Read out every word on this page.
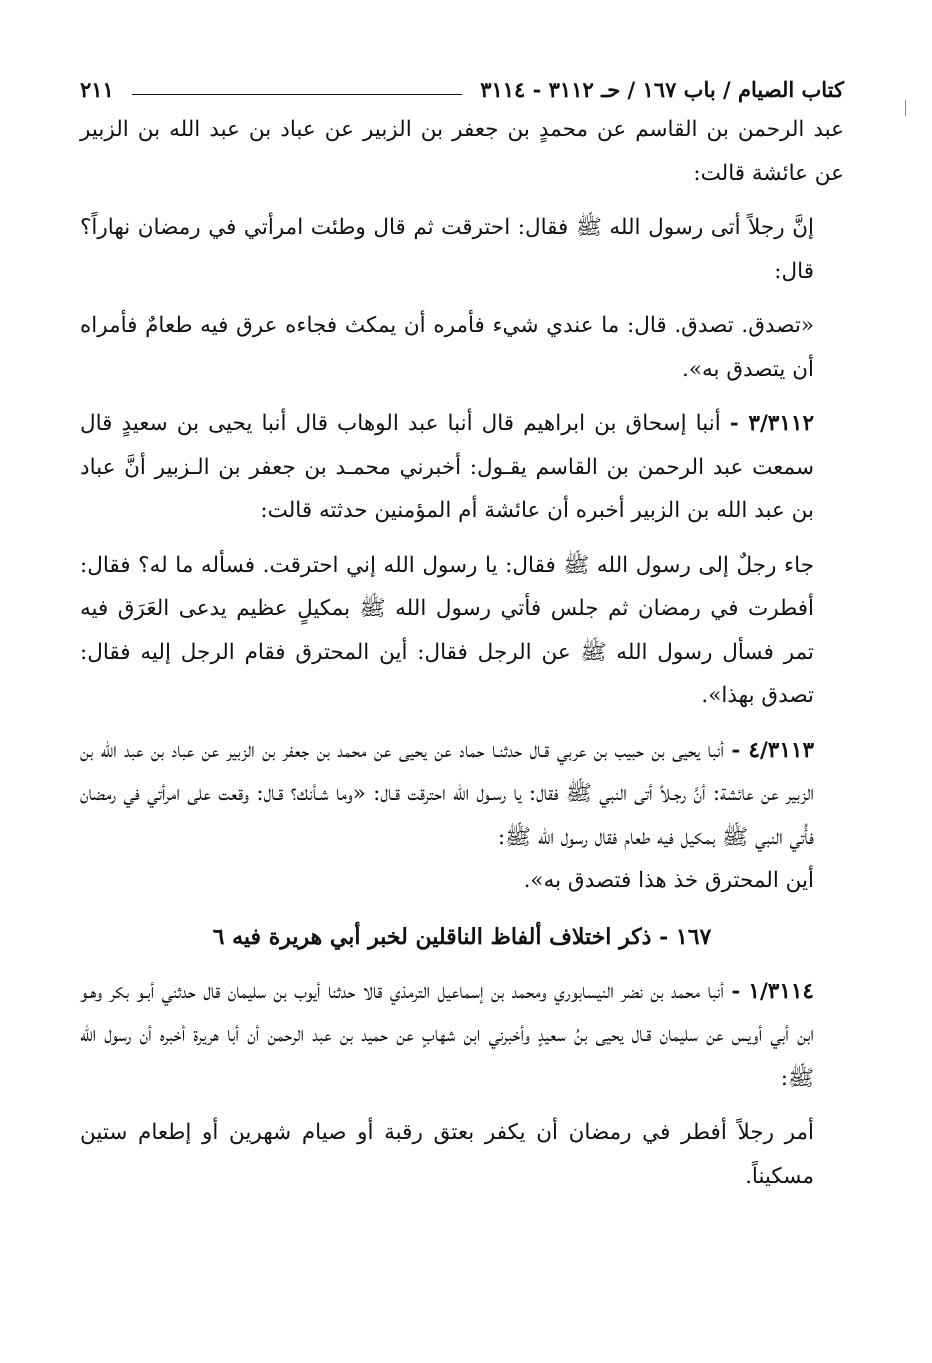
كتاب الصيام / باب ١٦٧ / حـ ٣١١٢ - ٣١١٤
٢١١

عبد الرحمن بن القاسم عن محمدٍ بن جعفر بن الزبير عن عباد بن عبد الله بن الزبير عن عائشة قالت:

إنَّ رجلاً أتى رسول الله ﷺ فقال: احترقت ثم قال وطئت امرأتي في رمضان نهاراً؟ قال:

«تصدق. تصدق. قال: ما عندي شيء فأمره أن يمكث فجاءه عرق فيه طعامٌ فأمراه أن يتصدق به».

٣/٣١١٢ - أنبا إسحاق بن ابراهيم قال أنبا عبد الوهاب قال أنبا يحيى بن سعيدٍ قال سمعت عبد الرحمن بن القاسم يقـول: أخبرني محمـد بن جعفر بن الـزبير أنَّ عباد بن عبد الله بن الزبير أخبره أن عائشة أم المؤمنين حدثته قالت:

جاء رجلٌ إلى رسول الله ﷺ فقال: يا رسول الله إني احترقت. فسأله ما له؟ فقال: أفطرت في رمضان ثم جلس فأتي رسول الله ﷺ بمكيلٍ عظيم يدعى العَرَق فيه تمر فسأل رسول الله ﷺ عن الرجل فقال: أين المحترق فقام الرجل إليه فقال: تصدق بهذا».

٤/٣١١٣ - أنبا يحيى بن حبيب بن عربي قـال حدثنـا حماد عن يحيى عن محمد بن جعفر بن الزبير عن عباد بن عبد الله بن الزبير عن عائشة: أنَّ رجـلاً أتى النبي ﷺ فقال: يا رسـول الله احترقت قـال: «وما شـأنك؟ قـال: وقعت على امرأتي في رمضان فأُتي النبي ﷺ بمكيل فيه طعام فقال رسول الله ﷺ:

أين المحترق خذ هذا فتصدق به».

١٦٧ - ذكر اختلاف ألفاظ الناقلين لخبر أبي هريرة فيه ٦

١/٣١١٤ - أنبا محمد بن نضر النيسابوري ومحمد بن إسماعيل الترمذي قالا حدثنا أيوب بن سليمان قال حدثني أبـو بكر وهـو ابن أبي أويس عن سليمان قـال يحيى بنُ سعيدٍ وأخبرني ابن شهابٍ عن حميد بن عبد الرحمن أن أبا هريرة أخبره أن رسول الله ﷺ:

أمر رجلاً أفطر في رمضان أن يكفر بعتق رقبة أو صيام شهرين أو إطعام ستين مسكيناً.
